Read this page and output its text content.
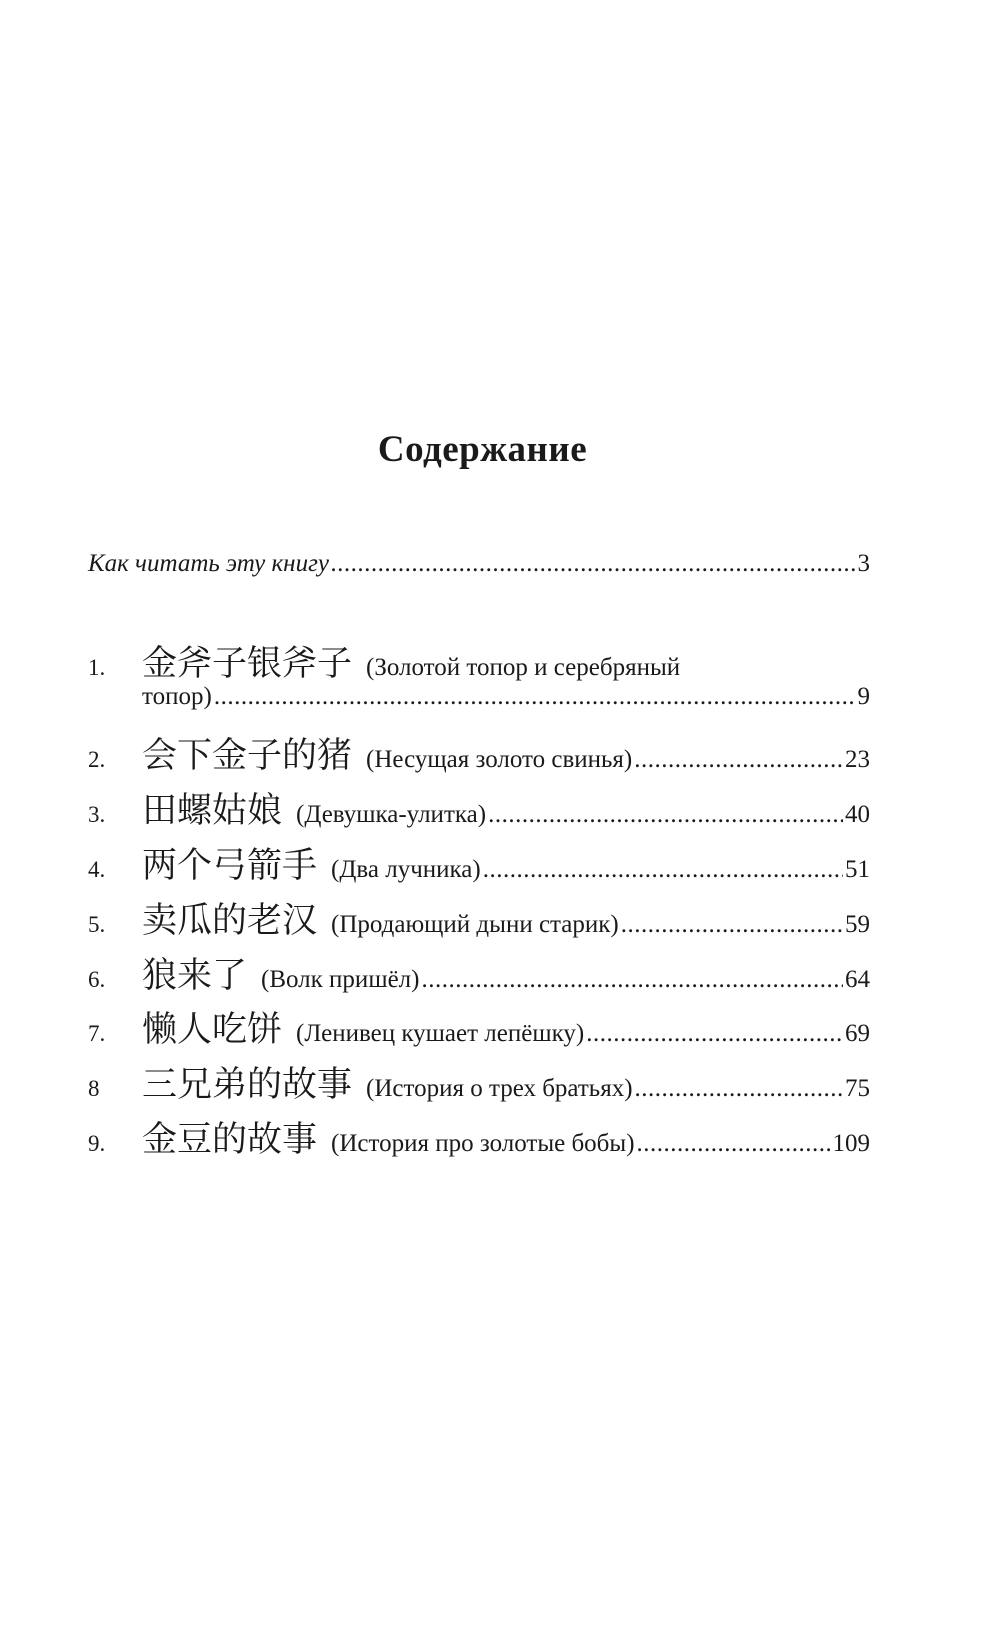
Содержание
Как читать эту книгу .....	3
1.	金斧子银斧子 (Золотой топор и серебряный
топор) .....	9
2.	会下金子的猪 (Несущая золото свинья) .....	23
3.	田螺姑娘 (Девушка-улитка) .....	40
4.	两个弓箭手 (Два лучника) .....	51
5.	卖瓜的老汉 (Продающий дыни старик) .....	59
6.	狼来了 (Волк пришёл) .....	64
7.	懒人吃饼 (Ленивец кушает лепёшку) .....	69
8	三兄弟的故事 (История о трех братьях) .....	75
9.	金豆的故事 (История про золотые бобы) .....	109
